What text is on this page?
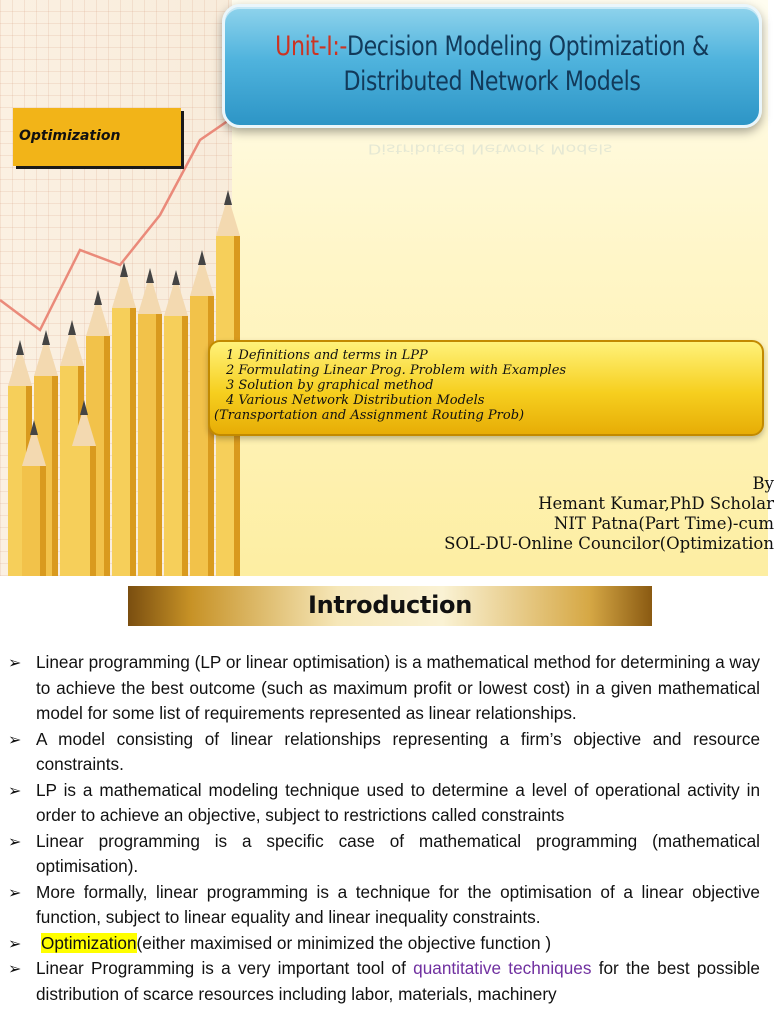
Unit-I:-Decision Modeling Optimization &
Distributed Network Models
Distributed Network Models
Optimization
1 Definitions and terms in LPP
2 Formulating Linear Prog. Problem with Examples
3 Solution by graphical method
4 Various Network Distribution Models
(Transportation and Assignment Routing Prob)
By
Hemant Kumar,PhD Scholar
NIT Patna(Part Time)-cum
SOL-DU-Online Councilor(Optimization
Introduction
➢ Linear programming (LP or linear optimisation) is a mathematical method for determining a way to achieve the best outcome (such as maximum profit or lowest cost) in a given mathematical model for some list of requirements represented as linear relationships.
➢ A model consisting of linear relationships representing a firm’s objective and resource constraints.
➢ LP is a mathematical modeling technique used to determine a level of operational activity in order to achieve an objective, subject to restrictions called constraints
➢ Linear programming is a specific case of mathematical programming (mathematical optimisation).
➢ More formally, linear programming is a technique for the optimisation of a linear objective function, subject to linear equality and linear inequality constraints.
➢ Optimization(either maximised or minimized the objective function )
➢ Linear Programming is a very important tool of quantitative techniques for the best possible distribution of scarce resources including labor, materials, machinery
